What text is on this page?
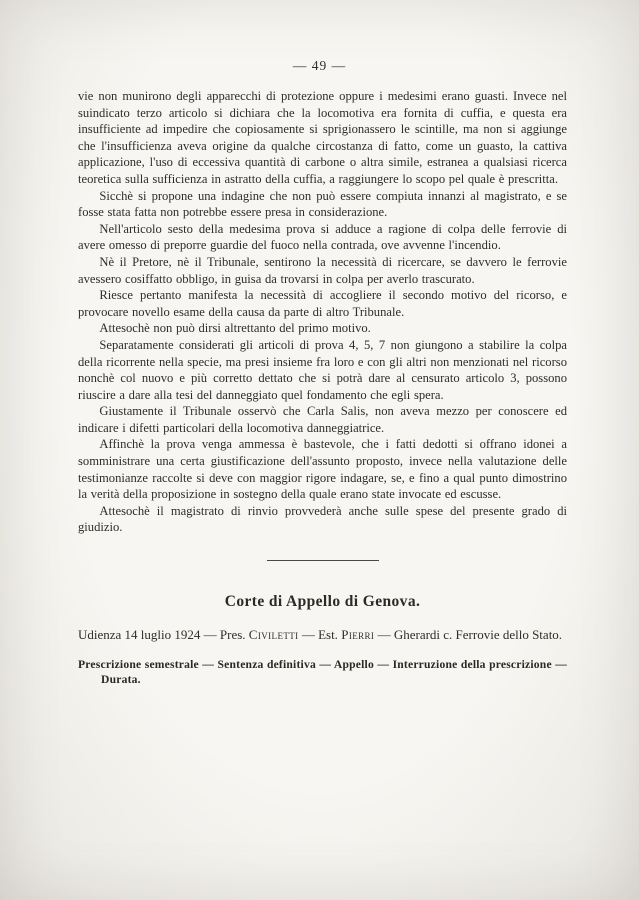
— 49 —

vie non munirono degli apparecchi di protezione oppure i medesimi erano guasti. Invece nel suindicato terzo articolo si dichiara che la locomotiva era fornita di cuffia, e questa era insufficiente ad impedire che copiosamente si sprigionassero le scintille, ma non si aggiunge che l'insufficienza aveva origine da qualche circostanza di fatto, come un guasto, la cattiva applicazione, l'uso di eccessiva quantità di carbone o altra simile, estranea a qualsiasi ricerca teoretica sulla sufficienza in astratto della cuffia, a raggiungere lo scopo pel quale è prescritta.

Sicchè si propone una indagine che non può essere compiuta innanzi al magistrato, e se fosse stata fatta non potrebbe essere presa in considerazione.

Nell'articolo sesto della medesima prova si adduce a ragione di colpa delle ferrovie di avere omesso di preporre guardie del fuoco nella contrada, ove avvenne l'incendio.

Nè il Pretore, nè il Tribunale, sentirono la necessità di ricercare, se davvero le ferrovie avessero cosiffatto obbligo, in guisa da trovarsi in colpa per averlo trascurato.

Riesce pertanto manifesta la necessità di accogliere il secondo motivo del ricorso, e provocare novello esame della causa da parte di altro Tribunale.

Attesochè non può dirsi altrettanto del primo motivo.

Separatamente considerati gli articoli di prova 4, 5, 7 non giungono a stabilire la colpa della ricorrente nella specie, ma presi insieme fra loro e con gli altri non menzionati nel ricorso nonchè col nuovo e più corretto dettato che si potrà dare al censurato articolo 3, possono riuscire a dare alla tesi del danneggiato quel fondamento che egli spera.

Giustamente il Tribunale osservò che Carla Salis, non aveva mezzo per conoscere ed indicare i difetti particolari della locomotiva danneggiatrice.

Affinchè la prova venga ammessa è bastevole, che i fatti dedotti si offrano idonei a somministrare una certa giustificazione dell'assunto proposto, invece nella valutazione delle testimonianze raccolte si deve con maggior rigore indagare, se, e fino a qual punto dimostrino la verità della proposizione in sostegno della quale erano state invocate ed escusse.

Attesochè il magistrato di rinvio provvederà anche sulle spese del presente grado di giudizio.

Corte di Appello di Genova.

Udienza 14 luglio 1924 — Pres. Civiletti — Est. Pierri — Gherardi c. Ferrovie dello Stato.

Prescrizione semestrale — Sentenza definitiva — Appello — Interruzione della prescrizione — Durata.
